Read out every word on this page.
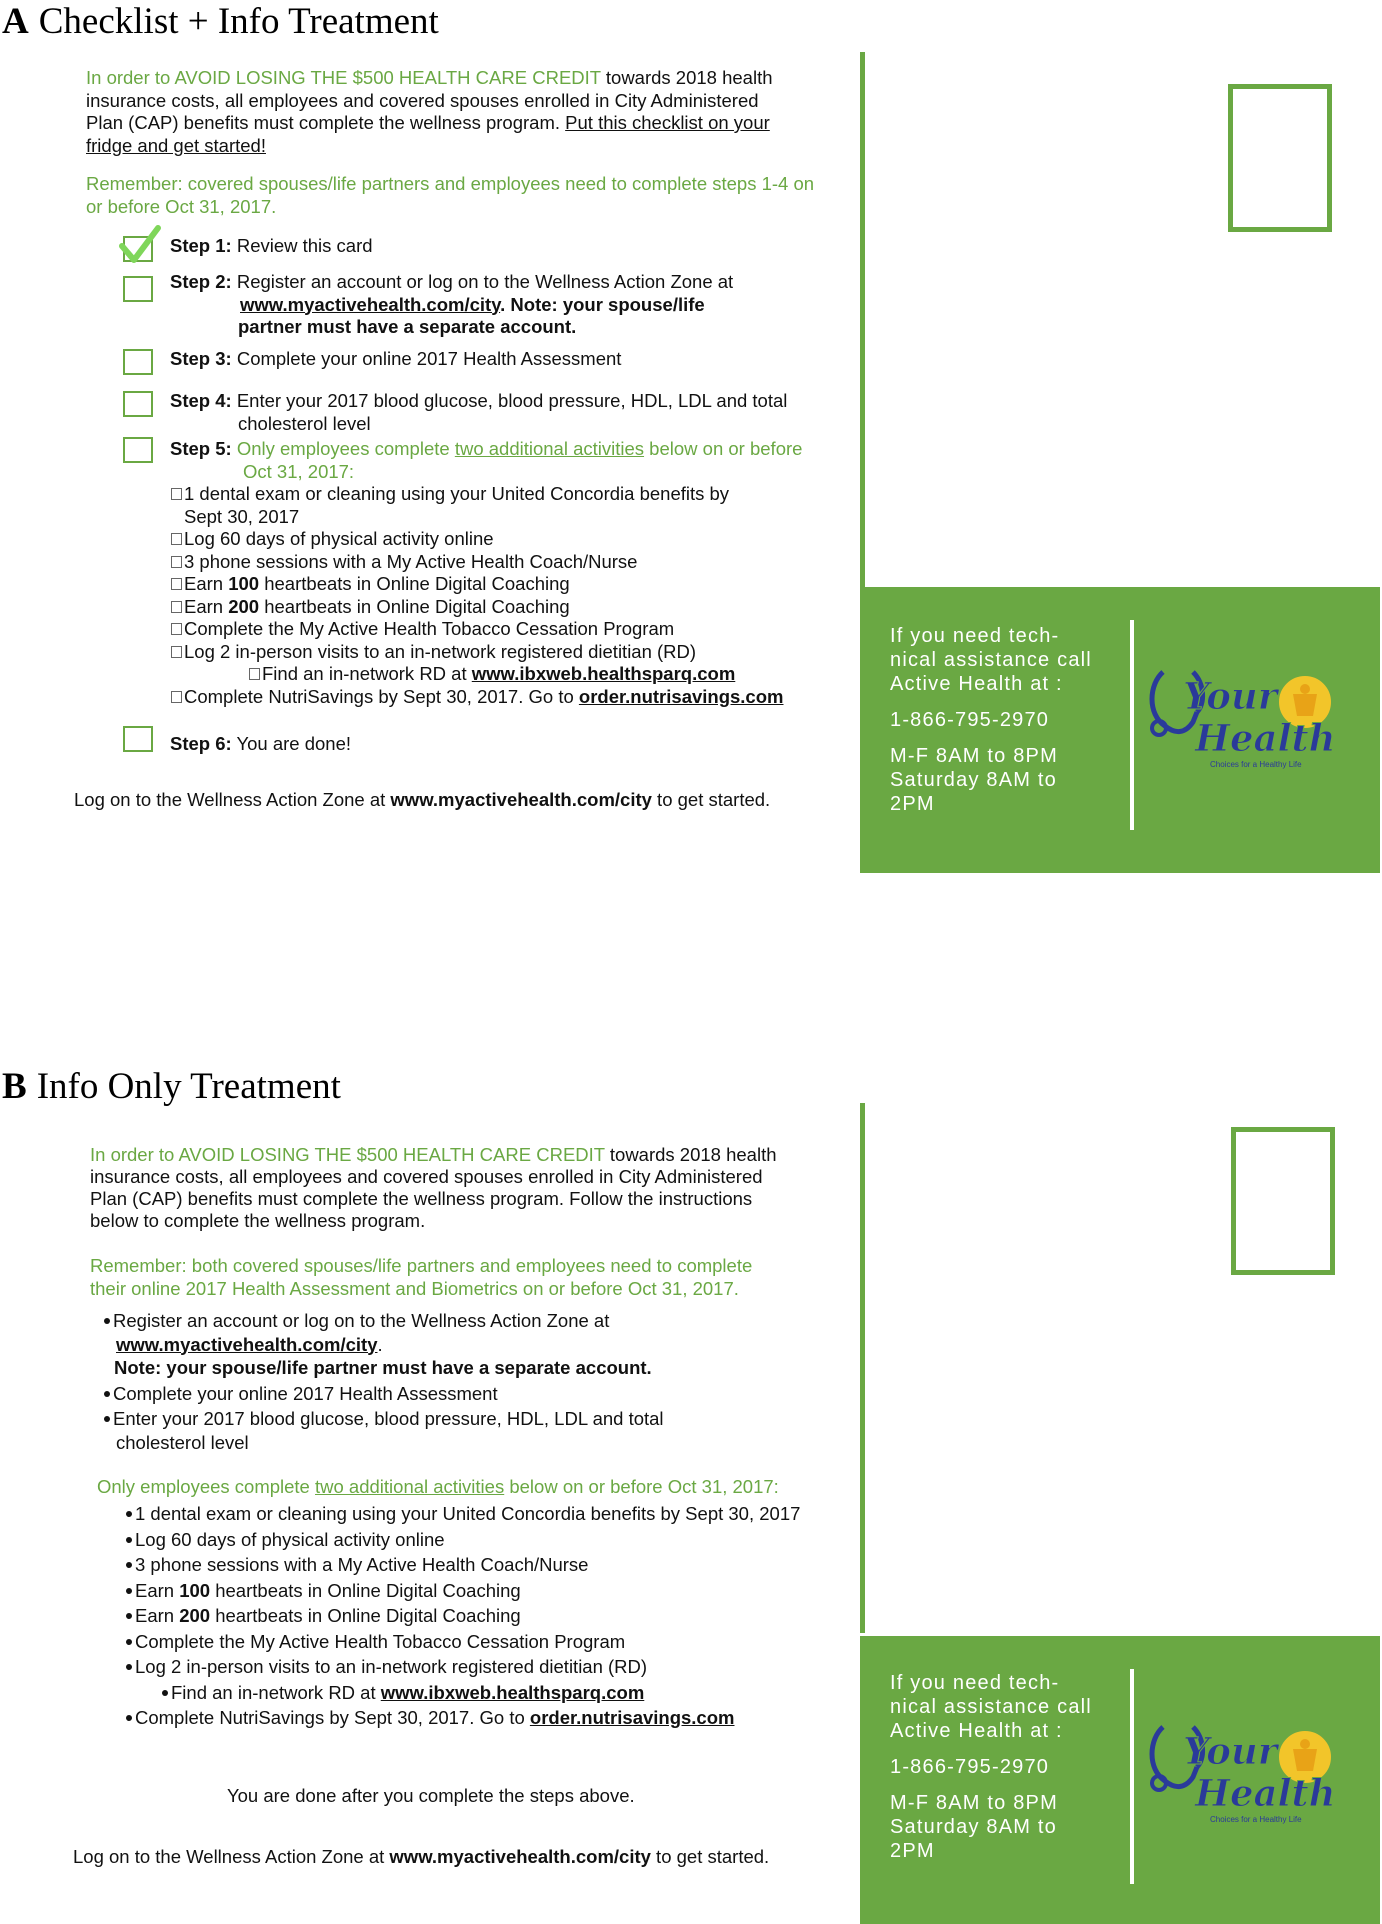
A Checklist + Info Treatment
In order to AVOID LOSING THE $500 HEALTH CARE CREDIT towards 2018 health
insurance costs, all employees and covered spouses enrolled in City Administered
Plan (CAP) benefits must complete the wellness program. Put this checklist on your
fridge and get started!
Remember: covered spouses/life partners and employees need to complete steps 1-4 on
or before Oct 31, 2017.
Step 1: Review this card
Step 2: Register an account or log on to the Wellness Action Zone at
www.myactivehealth.com/city. Note: your spouse/life
partner must have a separate account.
Step 3: Complete your online 2017 Health Assessment
Step 4: Enter your 2017 blood glucose, blood pressure, HDL, LDL and total
cholesterol level
Step 5: Only employees complete two additional activities below on or before
Oct 31, 2017:
1 dental exam or cleaning using your United Concordia benefits by
Sept 30, 2017
Log 60 days of physical activity online
3 phone sessions with a My Active Health Coach/Nurse
Earn 100 heartbeats in Online Digital Coaching
Earn 200 heartbeats in Online Digital Coaching
Complete the My Active Health Tobacco Cessation Program
Log 2 in-person visits to an in-network registered dietitian (RD)
Find an in-network RD at www.ibxweb.healthsparq.com
Complete NutriSavings by Sept 30, 2017. Go to order.nutrisavings.com
Step 6: You are done!
Log on to the Wellness Action Zone at www.myactivehealth.com/city to get started.

If you need tech-
nical assistance call
Active Health at :

1-866-795-2970

M-F 8AM to 8PM
Saturday 8AM to
2PM

Your
Health
Choices for a Healthy Life
B Info Only Treatment
In order to AVOID LOSING THE $500 HEALTH CARE CREDIT towards 2018 health
insurance costs, all employees and covered spouses enrolled in City Administered
Plan (CAP) benefits must complete the wellness program. Follow the instructions
below to complete the wellness program.
Remember: both covered spouses/life partners and employees need to complete
their online 2017 Health Assessment and Biometrics on or before Oct 31, 2017.
Register an account or log on to the Wellness Action Zone at
www.myactivehealth.com/city.
Note: your spouse/life partner must have a separate account.
Complete your online 2017 Health Assessment
Enter your 2017 blood glucose, blood pressure, HDL, LDL and total
cholesterol level
Only employees complete two additional activities below on or before Oct 31, 2017:
1 dental exam or cleaning using your United Concordia benefits by Sept 30, 2017
Log 60 days of physical activity online
3 phone sessions with a My Active Health Coach/Nurse
Earn 100 heartbeats in Online Digital Coaching
Earn 200 heartbeats in Online Digital Coaching
Complete the My Active Health Tobacco Cessation Program
Log 2 in-person visits to an in-network registered dietitian (RD)
Find an in-network RD at www.ibxweb.healthsparq.com
Complete NutriSavings by Sept 30, 2017. Go to order.nutrisavings.com
You are done after you complete the steps above.
Log on to the Wellness Action Zone at www.myactivehealth.com/city to get started.

If you need tech-
nical assistance call
Active Health at :

1-866-795-2970

M-F 8AM to 8PM
Saturday 8AM to
2PM

Your
Health
Choices for a Healthy Life
